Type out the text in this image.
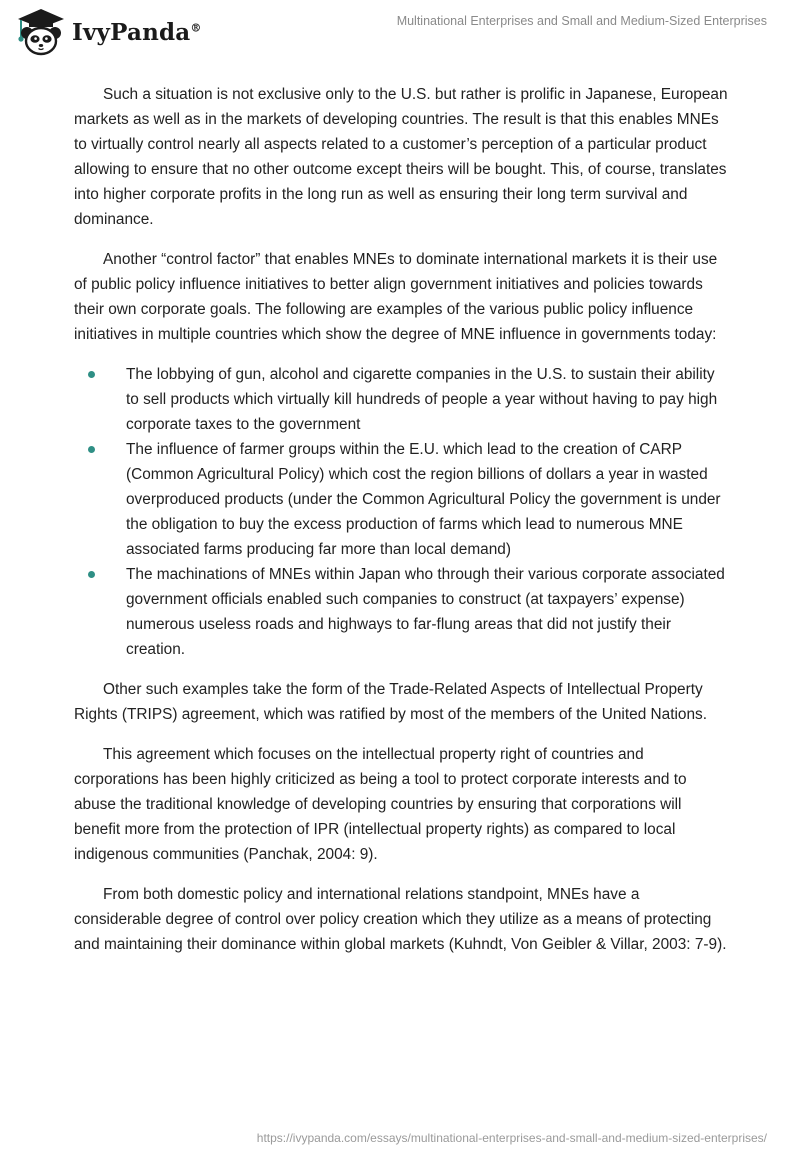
IvyPanda®	Multinational Enterprises and Small and Medium-Sized Enterprises

Such a situation is not exclusive only to the U.S. but rather is prolific in Japanese, European markets as well as in the markets of developing countries. The result is that this enables MNEs to virtually control nearly all aspects related to a customer’s perception of a particular product allowing to ensure that no other outcome except theirs will be bought. This, of course, translates into higher corporate profits in the long run as well as ensuring their long term survival and dominance.

Another “control factor” that enables MNEs to dominate international markets it is their use of public policy influence initiatives to better align government initiatives and policies towards their own corporate goals. The following are examples of the various public policy influence initiatives in multiple countries which show the degree of MNE influence in governments today:

The lobbying of gun, alcohol and cigarette companies in the U.S. to sustain their ability to sell products which virtually kill hundreds of people a year without having to pay high corporate taxes to the government
The influence of farmer groups within the E.U. which lead to the creation of CARP (Common Agricultural Policy) which cost the region billions of dollars a year in wasted overproduced products (under the Common Agricultural Policy the government is under the obligation to buy the excess production of farms which lead to numerous MNE associated farms producing far more than local demand)
The machinations of MNEs within Japan who through their various corporate associated government officials enabled such companies to construct (at taxpayers’ expense) numerous useless roads and highways to far-flung areas that did not justify their creation.

Other such examples take the form of the Trade-Related Aspects of Intellectual Property Rights (TRIPS) agreement, which was ratified by most of the members of the United Nations.

This agreement which focuses on the intellectual property right of countries and corporations has been highly criticized as being a tool to protect corporate interests and to abuse the traditional knowledge of developing countries by ensuring that corporations will benefit more from the protection of IPR (intellectual property rights) as compared to local indigenous communities (Panchak, 2004: 9).

From both domestic policy and international relations standpoint, MNEs have a considerable degree of control over policy creation which they utilize as a means of protecting and maintaining their dominance within global markets (Kuhndt, Von Geibler & Villar, 2003: 7-9).

https://ivypanda.com/essays/multinational-enterprises-and-small-and-medium-sized-enterprises/
